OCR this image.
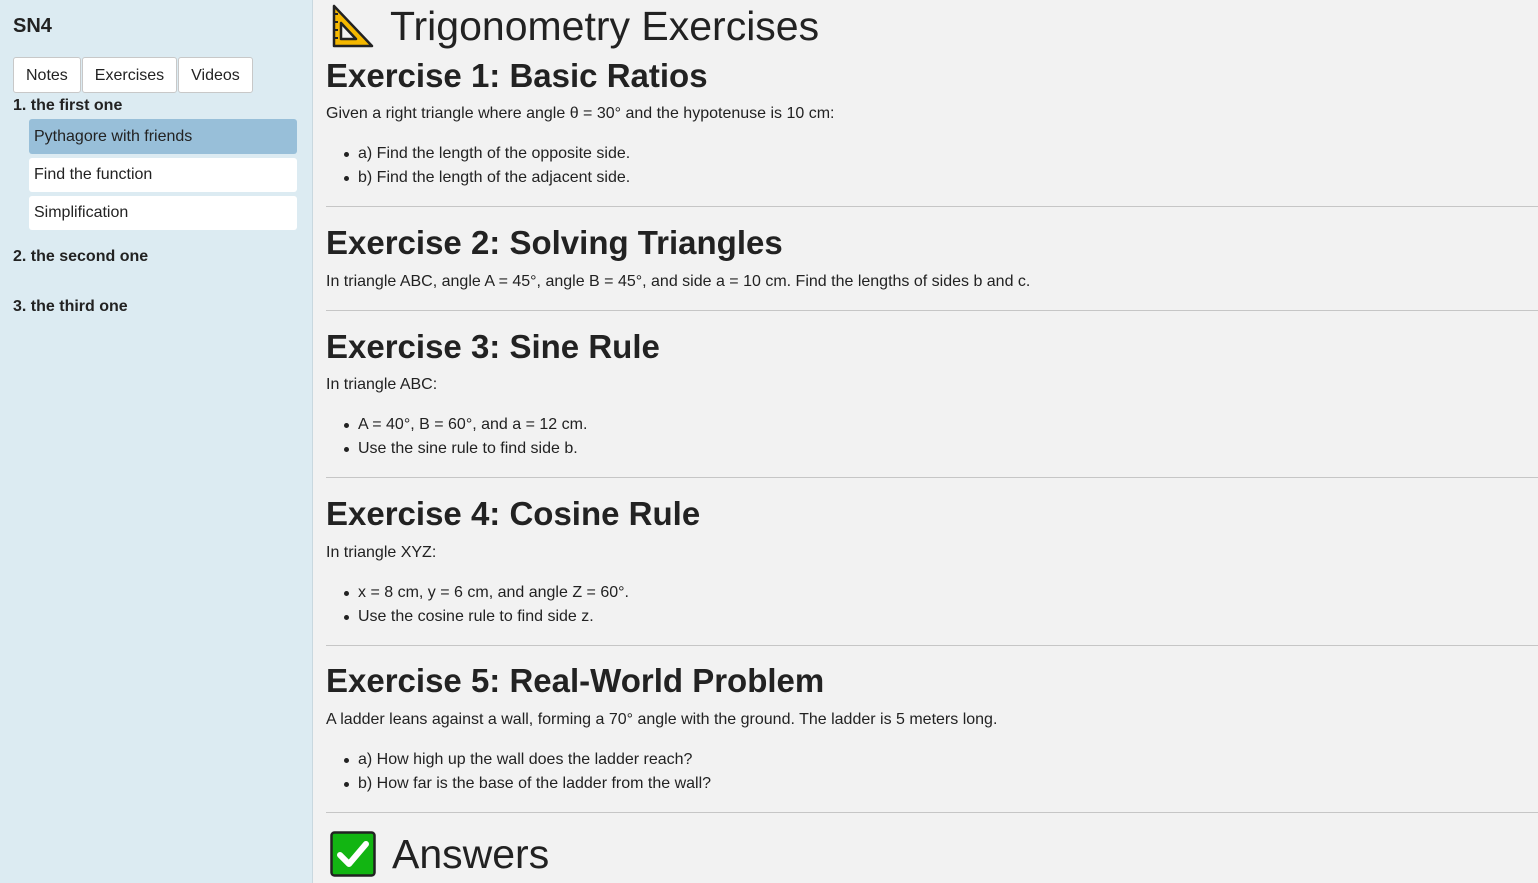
SN4
Notes	Exercises	Videos
1. the first one
Pythagore with friends
Find the function
Simplification
2. the second one
3. the third one
Trigonometry Exercises
Exercise 1: Basic Ratios

Given a right triangle where angle θ = 30° and the hypotenuse is 10 cm:

a) Find the length of the opposite side.
b) Find the length of the adjacent side.
Exercise 2: Solving Triangles

In triangle ABC, angle A = 45°, angle B = 45°, and side a = 10 cm. Find the lengths of sides b and c.

Exercise 3: Sine Rule

In triangle ABC:

A = 40°, B = 60°, and a = 12 cm.
Use the sine rule to find side b.
Exercise 4: Cosine Rule

In triangle XYZ:

x = 8 cm, y = 6 cm, and angle Z = 60°.
Use the cosine rule to find side z.
Exercise 5: Real-World Problem

A ladder leans against a wall, forming a 70° angle with the ground. The ladder is 5 meters long.

a) How high up the wall does the ladder reach?
b) How far is the base of the ladder from the wall?
Answers
